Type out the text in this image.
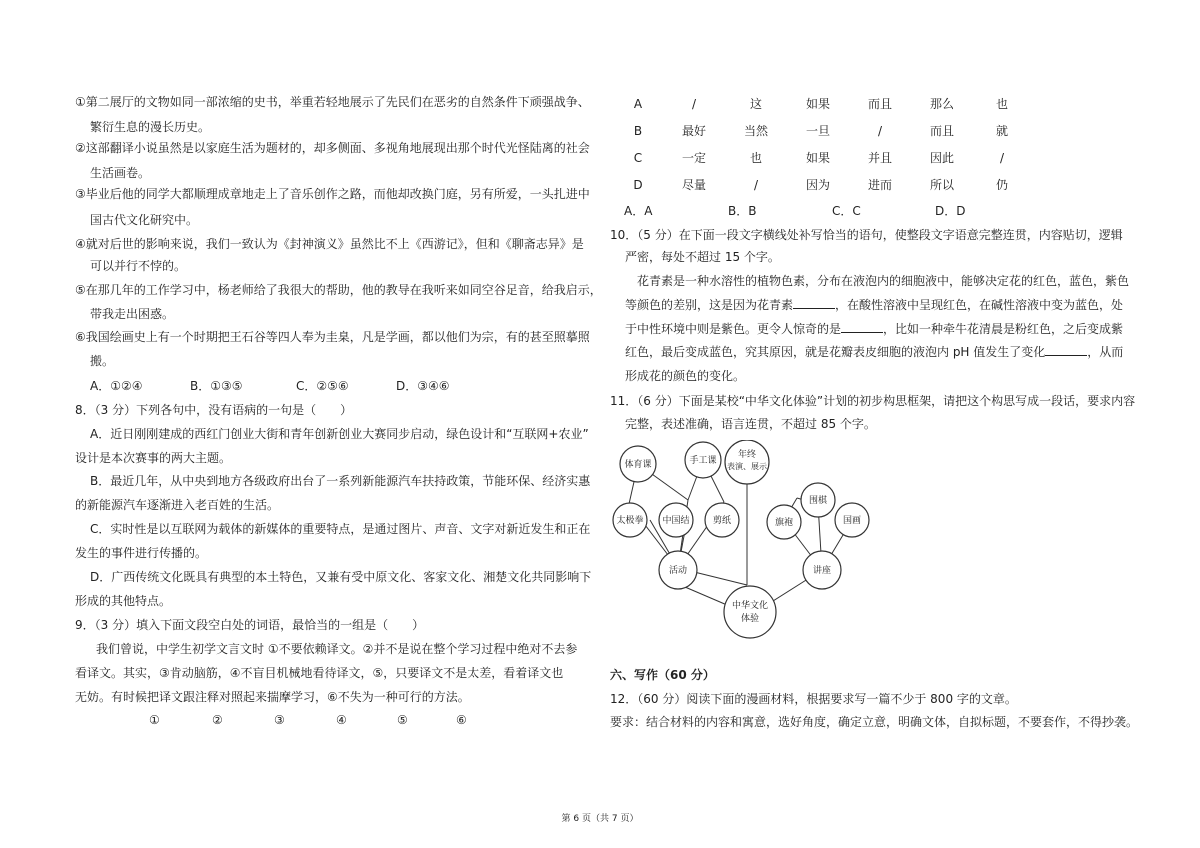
①第二展厅的文物如同一部浓缩的史书，举重若轻地展示了先民们在恶劣的自然条件下顽强战争、
繁衍生息的漫长历史。
②这部翻译小说虽然是以家庭生活为题材的，却多侧面、多视角地展现出那个时代光怪陆离的社会
生活画卷。
③毕业后他的同学大都顺理成章地走上了音乐创作之路，而他却改换门庭，另有所爱，一头扎进中
国古代文化研究中。
④就对后世的影响来说，我们一致认为《封神演义》虽然比不上《西游记》，但和《聊斋志异》是
可以并行不悖的。
⑤在那几年的工作学习中，杨老师给了我很大的帮助，他的教导在我听来如同空谷足音，给我启示，
带我走出困惑。
⑥我国绘画史上有一个时期把王石谷等四人奉为圭臬，凡是学画，都以他们为宗，有的甚至照摹照
搬。
A．①②④	B．①③⑤	C．②⑤⑥	D．③④⑥
8．（3 分）下列各句中，没有语病的一句是（　　）
A．近日刚刚建成的西红门创业大街和青年创新创业大赛同步启动，绿色设计和“互联网+农业”
设计是本次赛事的两大主题。
B．最近几年，从中央到地方各级政府出台了一系列新能源汽车扶持政策，节能环保、经济实惠
的新能源汽车逐渐进入老百姓的生活。
C．实时性是以互联网为载体的新媒体的重要特点，是通过图片、声音、文字对新近发生和正在
发生的事件进行传播的。
D．广西传统文化既具有典型的本土特色，又兼有受中原文化、客家文化、湘楚文化共同影响下
形成的其他特点。
9．（3 分）填入下面文段空白处的词语，最恰当的一组是（　　）
我们曾说，中学生初学文言文时 ①不要依赖译文。②并不是说在整个学习过程中绝对不去参
看译文。其实，③肯动脑筋，④不盲目机械地看待译文，⑤，只要译文不是太差，看着译文也
无妨。有时候把译文跟注释对照起来揣摩学习，⑥不失为一种可行的方法。
①	②	③	④	⑤	⑥
A	/	这	如果	而且	那么	也
B	最好	当然	一旦	/	而且	就
C	一定	也	如果	并且	因此	/
D	尽量	/	因为	进而	所以	仍
A．A	B．B	C．C	D．D
10．（5 分）在下面一段文字横线处补写恰当的语句，使整段文字语意完整连贯，内容贴切，逻辑
严密，每处不超过 15 个字。
花青素是一种水溶性的植物色素，分布在液泡内的细胞液中，能够决定花的红色，蓝色，紫色
等颜色的差别，这是因为花青素	，在酸性溶液中呈现红色，在碱性溶液中变为蓝色，处
于中性环境中则是紫色。更令人惊奇的是	，比如一种牵牛花清晨是粉红色，之后变成紫
红色，最后变成蓝色，究其原因，就是花瓣表皮细胞的液泡内 pH 值发生了变化	，从而
形成花的颜色的变化。
11．（6 分）下面是某校“中华文化体验”计划的初步构思框架，请把这个构思写成一段话，要求内容
完整，表述准确，语言连贯，不超过 85 个字。
体育课	手工课
年终
表演、展示
太极拳 中国结	剪纸
围棋
旗袍	国画
活动	讲座
中华文化
体验
六、写作（60 分）
12．（60 分）阅读下面的漫画材料，根据要求写一篇不少于 800 字的文章。
要求：结合材料的内容和寓意，选好角度，确定立意，明确文体，自拟标题，不要套作，不得抄袭。
第 6 页（共 7 页）
